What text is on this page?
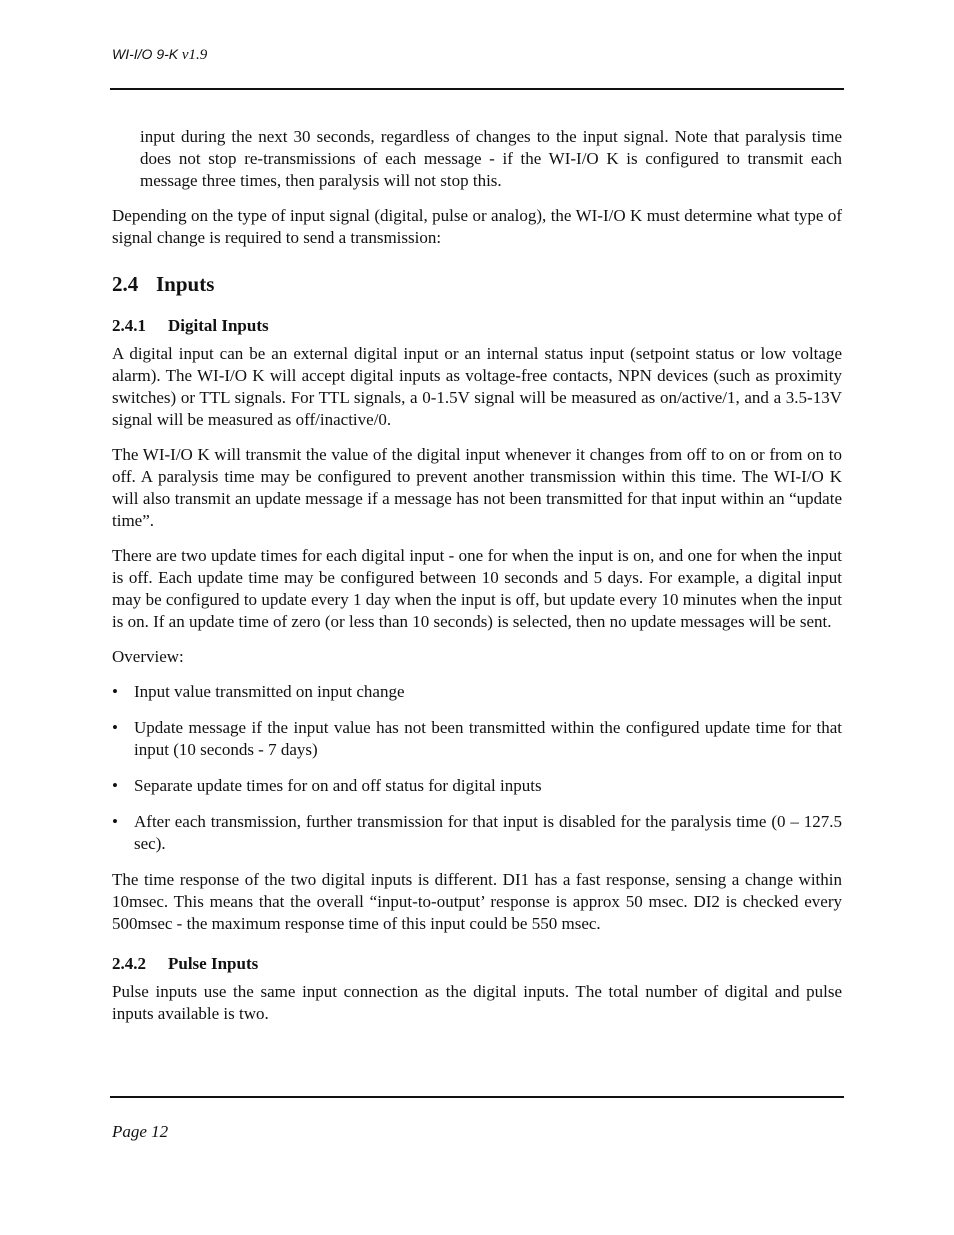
WI-I/O 9-K v1.9

input during the next 30 seconds, regardless of changes to the input signal. Note that paralysis time does not stop re-transmissions of each message - if the WI-I/O K is configured to transmit each message three times, then paralysis will not stop this.

Depending on the type of input signal (digital, pulse or analog), the WI-I/O K must determine what type of signal change is required to send a transmission:

2.4 Inputs
2.4.1 Digital Inputs

A digital input can be an external digital input or an internal status input (setpoint status or low voltage alarm). The WI-I/O K will accept digital inputs as voltage-free contacts, NPN devices (such as proximity switches) or TTL signals. For TTL signals, a 0-1.5V signal will be measured as on/active/1, and a 3.5-13V signal will be measured as off/inactive/0.

The WI-I/O K will transmit the value of the digital input whenever it changes from off to on or from on to off. A paralysis time may be configured to prevent another transmission within this time. The WI-I/O K will also transmit an update message if a message has not been transmitted for that input within an “update time”.

There are two update times for each digital input - one for when the input is on, and one for when the input is off. Each update time may be configured between 10 seconds and 5 days. For example, a digital input may be configured to update every 1 day when the input is off, but update every 10 minutes when the input is on. If an update time of zero (or less than 10 seconds) is selected, then no update messages will be sent.

Overview:

• Input value transmitted on input change
• Update message if the input value has not been transmitted within the configured update time for that input (10 seconds - 7 days)
• Separate update times for on and off status for digital inputs
• After each transmission, further transmission for that input is disabled for the paralysis time (0 – 127.5 sec).

The time response of the two digital inputs is different. DI1 has a fast response, sensing a change within 10msec. This means that the overall “input-to-output’ response is approx 50 msec. DI2 is checked every 500msec - the maximum response time of this input could be 550 msec.

2.4.2 Pulse Inputs

Pulse inputs use the same input connection as the digital inputs. The total number of digital and pulse inputs available is two.

Page 12
